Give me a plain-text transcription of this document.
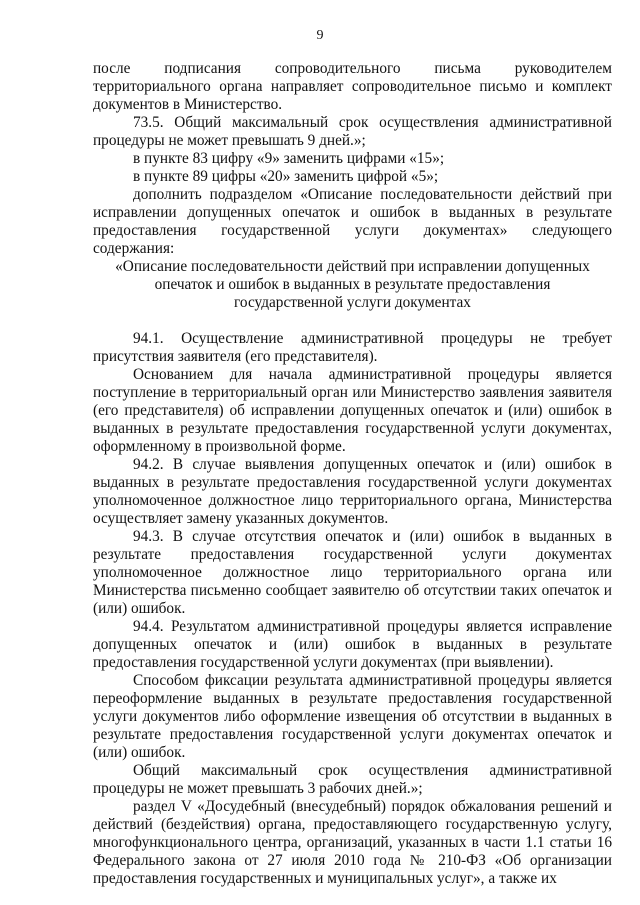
9

после подписания сопроводительного письма руководителем территориального органа направляет сопроводительное письмо и комплект документов в Министерство.

73.5. Общий максимальный срок осуществления административной процедуры не может превышать 9 дней.»;

в пункте 83 цифру «9» заменить цифрами «15»;

в пункте 89 цифры «20» заменить цифрой «5»;

дополнить подразделом «Описание последовательности действий при исправлении допущенных опечаток и ошибок в выданных в результате предоставления государственной услуги документах» следующего содержания:

«Описание последовательности действий при исправлении допущенных опечаток и ошибок в выданных в результате предоставления государственной услуги документах

94.1. Осуществление административной процедуры не требует присутствия заявителя (его представителя).

Основанием для начала административной процедуры является поступление в территориальный орган или Министерство заявления заявителя (его представителя) об исправлении допущенных опечаток и (или) ошибок в выданных в результате предоставления государственной услуги документах, оформленному в произвольной форме.

94.2. В случае выявления допущенных опечаток и (или) ошибок в выданных в результате предоставления государственной услуги документах уполномоченное должностное лицо территориального органа, Министерства осуществляет замену указанных документов.

94.3. В случае отсутствия опечаток и (или) ошибок в выданных в результате предоставления государственной услуги документах уполномоченное должностное лицо территориального органа или Министерства письменно сообщает заявителю об отсутствии таких опечаток и (или) ошибок.

94.4. Результатом административной процедуры является исправление допущенных опечаток и (или) ошибок в выданных в результате предоставления государственной услуги документах (при выявлении).

Способом фиксации результата административной процедуры является переоформление выданных в результате предоставления государственной услуги документов либо оформление извещения об отсутствии в выданных в результате предоставления государственной услуги документах опечаток и (или) ошибок.

Общий максимальный срок осуществления административной процедуры не может превышать 3 рабочих дней.»;

раздел V «Досудебный (внесудебный) порядок обжалования решений и действий (бездействия) органа, предоставляющего государственную услугу, многофункционального центра, организаций, указанных в части 1.1 статьи 16 Федерального закона от 27 июля 2010 года № 210-ФЗ «Об организации предоставления государственных и муниципальных услуг», а также их
